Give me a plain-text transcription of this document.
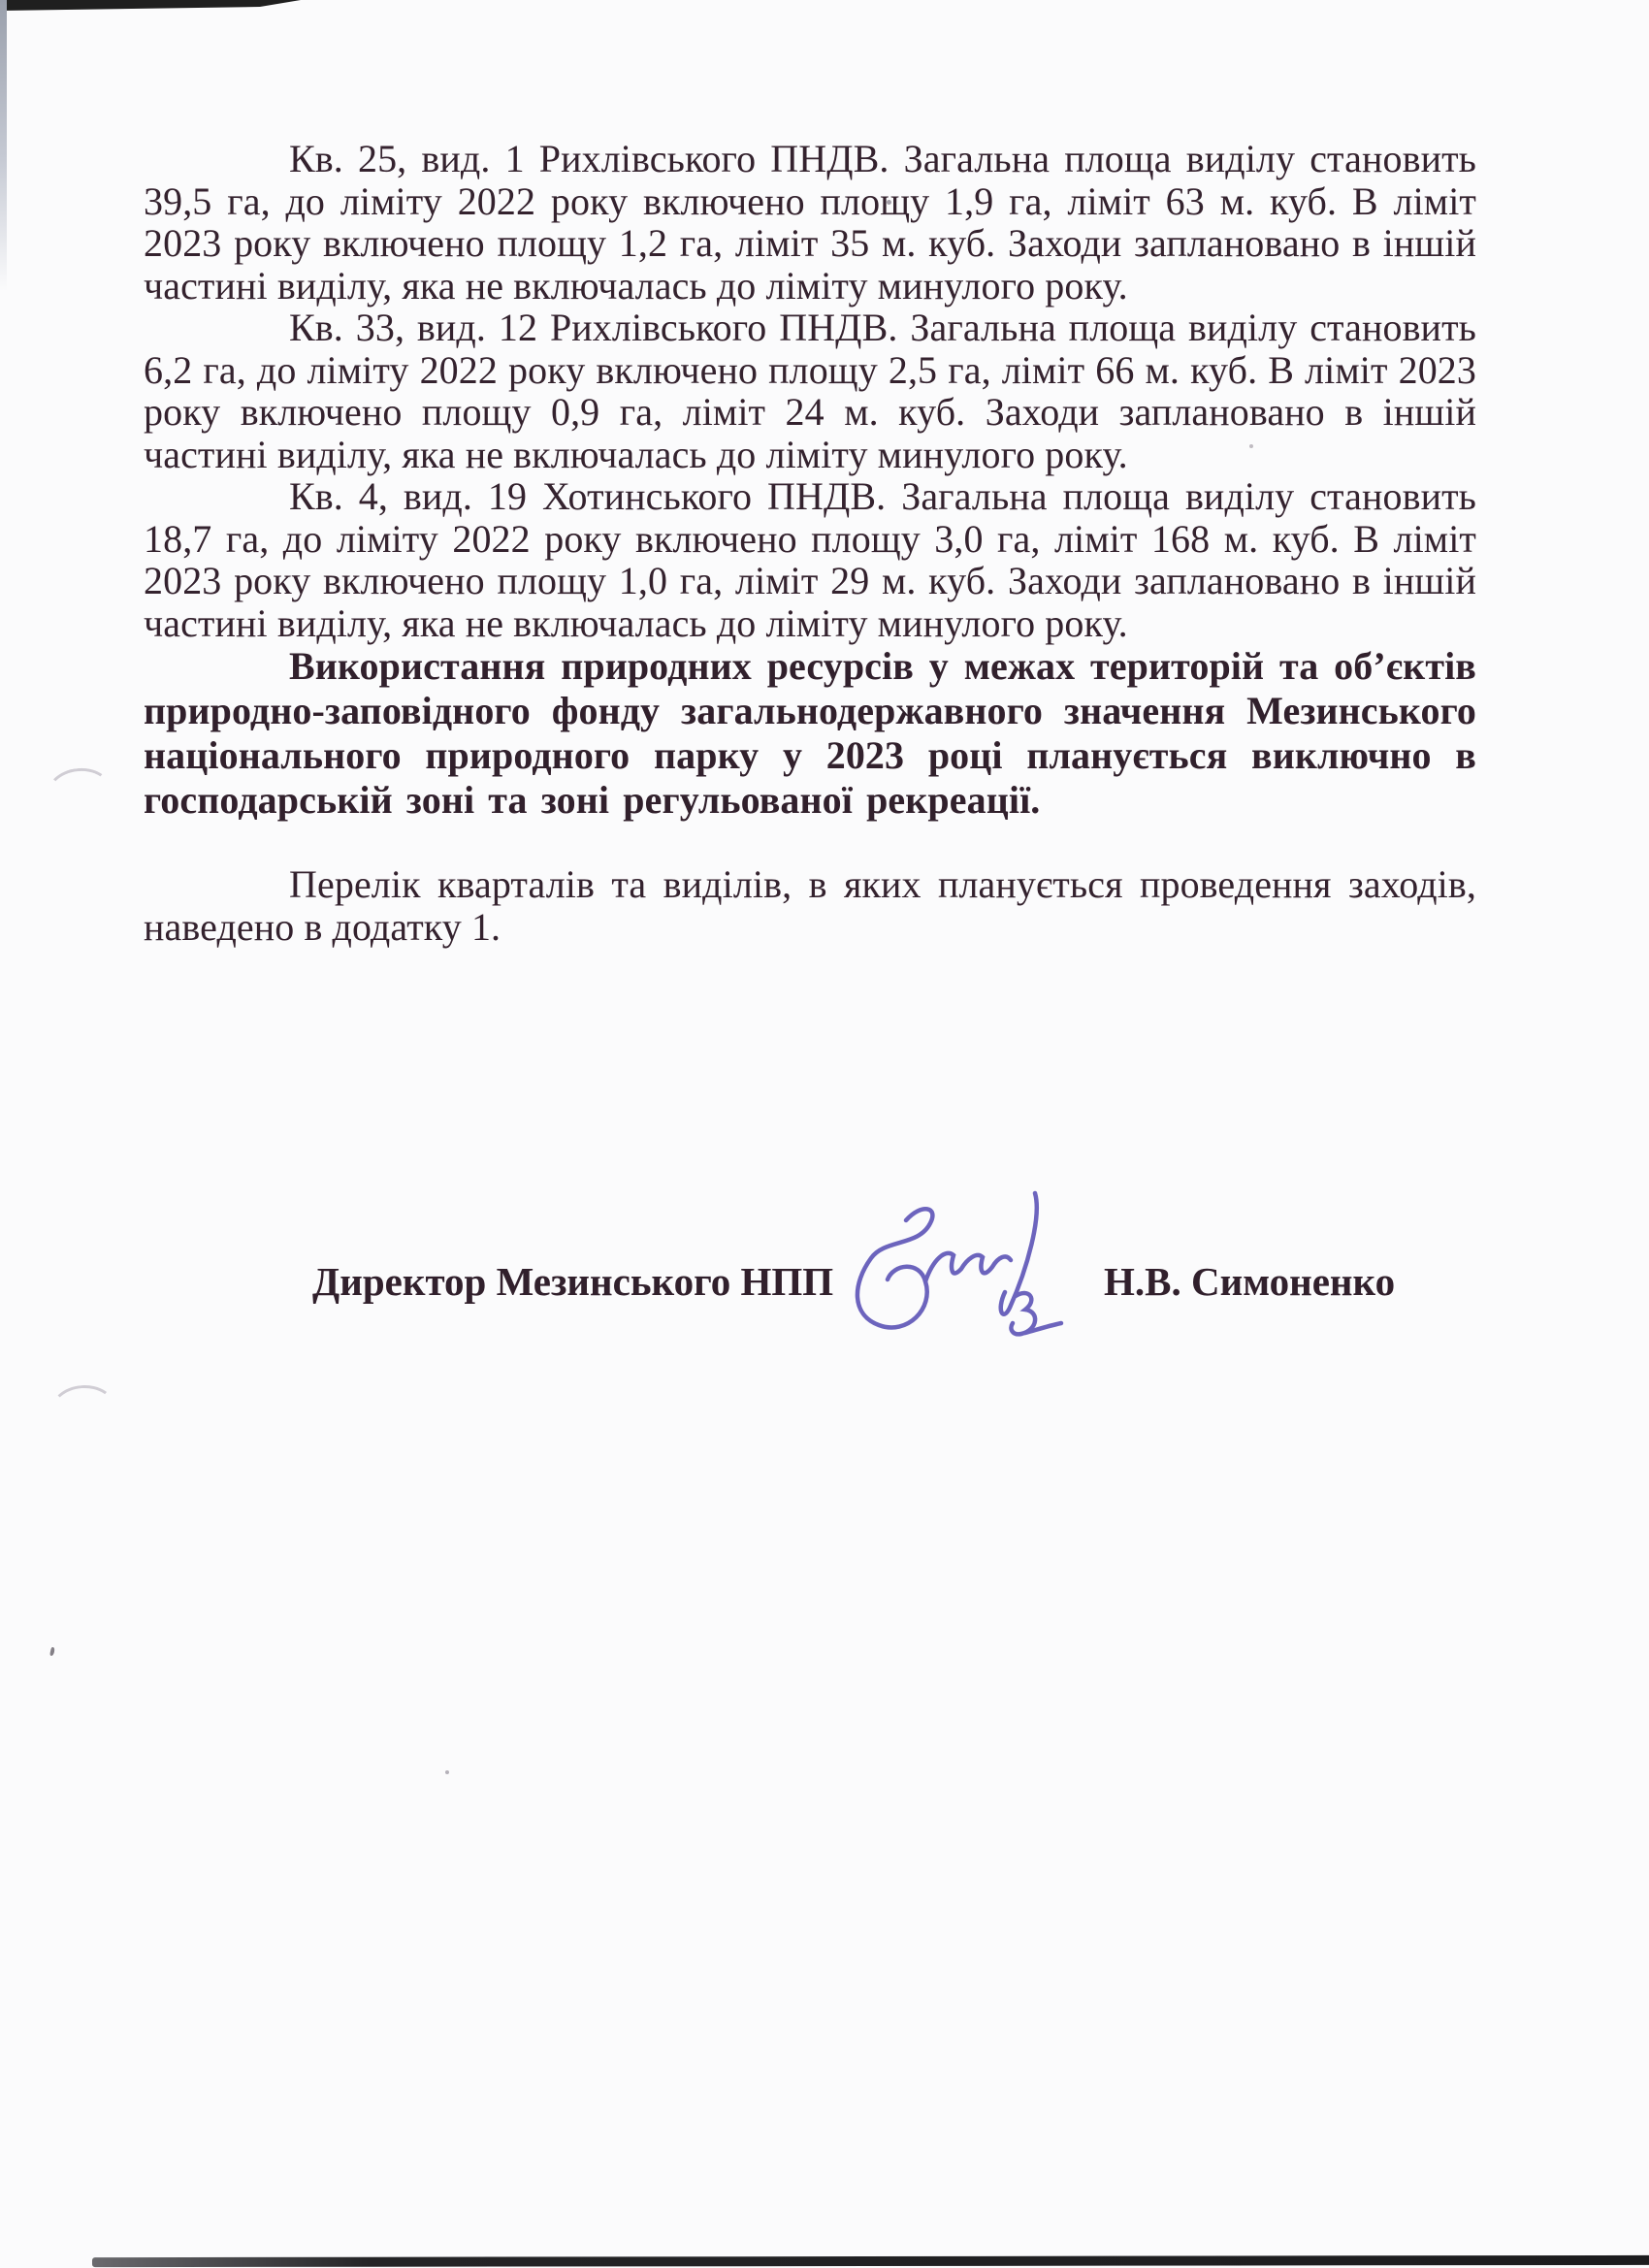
Кв. 25, вид. 1 Рихлівського ПНДВ. Загальна площа виділу становить 39,5 га, до ліміту 2022 року включено площу 1,9 га, ліміт 63 м. куб. В ліміт 2023 року включено площу 1,2 га, ліміт 35 м. куб. Заходи заплановано в іншій частині виділу, яка не включалась до ліміту минулого року.

Кв. 33, вид. 12 Рихлівського ПНДВ. Загальна площа виділу становить 6,2 га, до ліміту 2022 року включено площу 2,5 га, ліміт 66 м. куб. В ліміт 2023 року включено площу 0,9 га, ліміт 24 м. куб. Заходи заплановано в іншій частині виділу, яка не включалась до ліміту минулого року.

Кв. 4, вид. 19 Хотинського ПНДВ. Загальна площа виділу становить 18,7 га, до ліміту 2022 року включено площу 3,0 га, ліміт 168 м. куб. В ліміт 2023 року включено площу 1,0 га, ліміт 29 м. куб. Заходи заплановано в іншій частині виділу, яка не включалась до ліміту минулого року.

Використання природних ресурсів у межах територій та об’єктів природно-заповідного фонду загальнодержавного значення Мезинського національного природного парку у 2023 році планується виключно в господарській зоні та зоні регульованої рекреації.

Перелік кварталів та виділів, в яких планується проведення заходів, наведено в додатку 1.

Директор Мезинського НПП	Н.В. Симоненко
